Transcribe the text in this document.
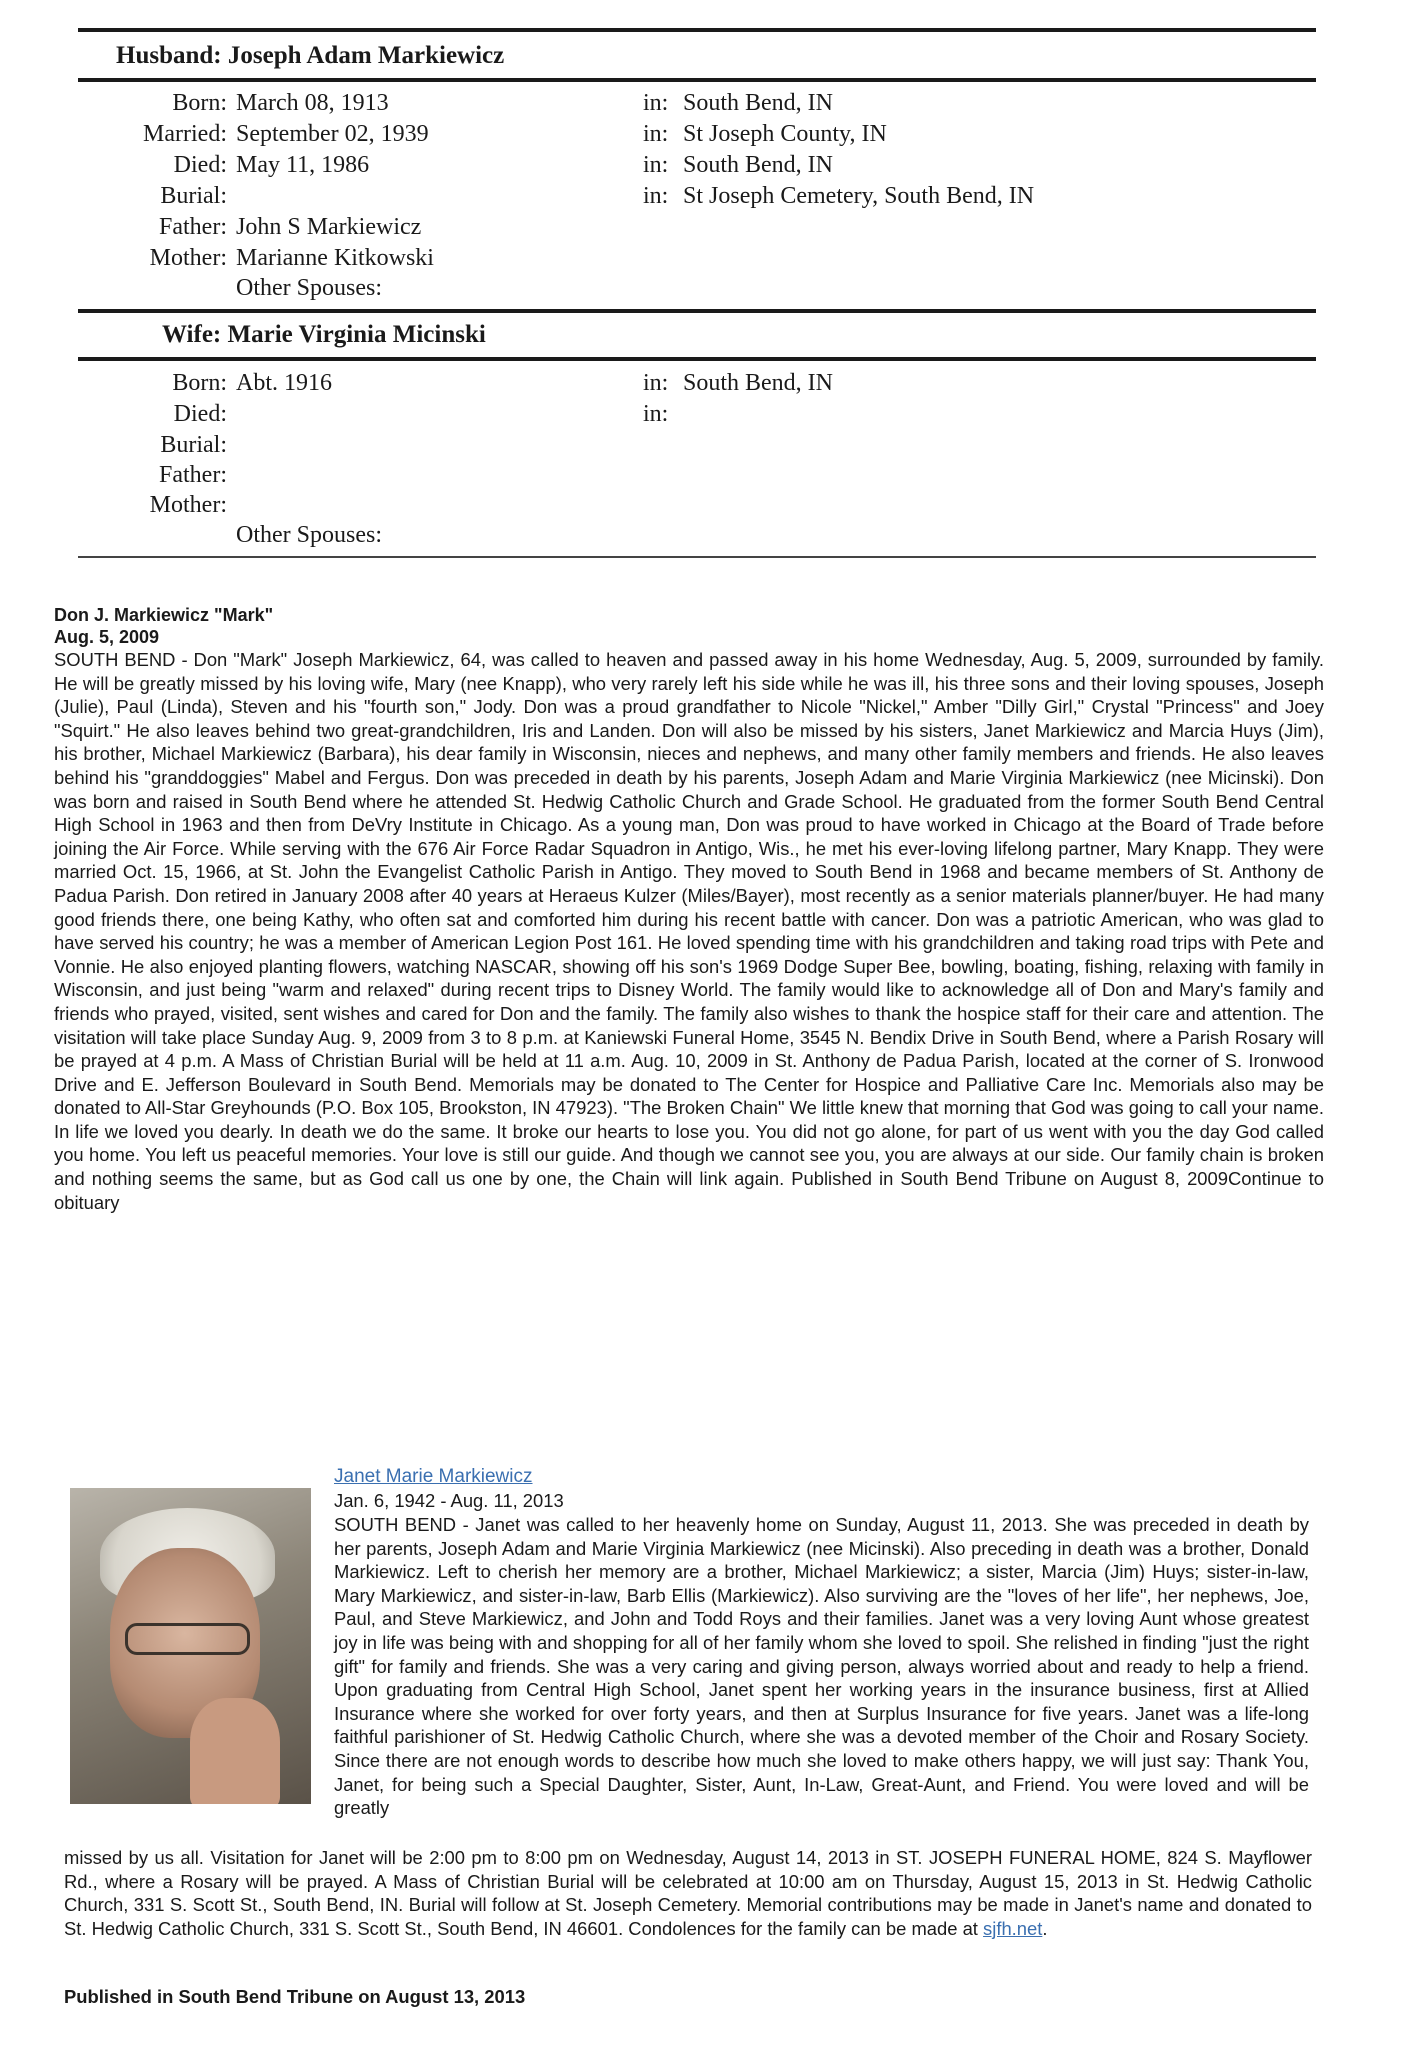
Husband: Joseph Adam Markiewicz
Born: March 08, 1913	in: South Bend, IN
Married: September 02, 1939	in: St Joseph County, IN
Died: May 11, 1986	in: South Bend, IN
Burial:	in: St Joseph Cemetery, South Bend, IN
Father: John S Markiewicz
Mother: Marianne Kitkowski
Other Spouses:
Wife: Marie Virginia Micinski
Born: Abt. 1916	in: South Bend, IN
Died:	in:
Burial:
Father:
Mother:
Other Spouses:
Don J. Markiewicz "Mark"
Aug. 5, 2009
SOUTH BEND - Don "Mark" Joseph Markiewicz, 64, was called to heaven and passed away in his home Wednesday, Aug. 5, 2009, surrounded by family. He will be greatly missed by his loving wife, Mary (nee Knapp), who very rarely left his side while he was ill, his three sons and their loving spouses, Joseph (Julie), Paul (Linda), Steven and his "fourth son," Jody. Don was a proud grandfather to Nicole "Nickel," Amber "Dilly Girl," Crystal "Princess" and Joey "Squirt." He also leaves behind two great-grandchildren, Iris and Landen. Don will also be missed by his sisters, Janet Markiewicz and Marcia Huys (Jim), his brother, Michael Markiewicz (Barbara), his dear family in Wisconsin, nieces and nephews, and many other family members and friends. He also leaves behind his "granddoggies" Mabel and Fergus. Don was preceded in death by his parents, Joseph Adam and Marie Virginia Markiewicz (nee Micinski). Don was born and raised in South Bend where he attended St. Hedwig Catholic Church and Grade School. He graduated from the former South Bend Central High School in 1963 and then from DeVry Institute in Chicago. As a young man, Don was proud to have worked in Chicago at the Board of Trade before joining the Air Force. While serving with the 676 Air Force Radar Squadron in Antigo, Wis., he met his ever-loving lifelong partner, Mary Knapp. They were married Oct. 15, 1966, at St. John the Evangelist Catholic Parish in Antigo. They moved to South Bend in 1968 and became members of St. Anthony de Padua Parish. Don retired in January 2008 after 40 years at Heraeus Kulzer (Miles/Bayer), most recently as a senior materials planner/buyer. He had many good friends there, one being Kathy, who often sat and comforted him during his recent battle with cancer. Don was a patriotic American, who was glad to have served his country; he was a member of American Legion Post 161. He loved spending time with his grandchildren and taking road trips with Pete and Vonnie. He also enjoyed planting flowers, watching NASCAR, showing off his son's 1969 Dodge Super Bee, bowling, boating, fishing, relaxing with family in Wisconsin, and just being "warm and relaxed" during recent trips to Disney World. The family would like to acknowledge all of Don and Mary's family and friends who prayed, visited, sent wishes and cared for Don and the family. The family also wishes to thank the hospice staff for their care and attention. The visitation will take place Sunday Aug. 9, 2009 from 3 to 8 p.m. at Kaniewski Funeral Home, 3545 N. Bendix Drive in South Bend, where a Parish Rosary will be prayed at 4 p.m. A Mass of Christian Burial will be held at 11 a.m. Aug. 10, 2009 in St. Anthony de Padua Parish, located at the corner of S. Ironwood Drive and E. Jefferson Boulevard in South Bend. Memorials may be donated to The Center for Hospice and Palliative Care Inc. Memorials also may be donated to All-Star Greyhounds (P.O. Box 105, Brookston, IN 47923). "The Broken Chain" We little knew that morning that God was going to call your name. In life we loved you dearly. In death we do the same. It broke our hearts to lose you. You did not go alone, for part of us went with you the day God called you home. You left us peaceful memories. Your love is still our guide. And though we cannot see you, you are always at our side. Our family chain is broken and nothing seems the same, but as God call us one by one, the Chain will link again. Published in South Bend Tribune on August 8, 2009Continue to obituary
Janet Marie Markiewicz
Jan. 6, 1942 - Aug. 11, 2013
SOUTH BEND - Janet was called to her heavenly home on Sunday, August 11, 2013. She was preceded in death by her parents, Joseph Adam and Marie Virginia Markiewicz (nee Micinski). Also preceding in death was a brother, Donald Markiewicz. Left to cherish her memory are a brother, Michael Markiewicz; a sister, Marcia (Jim) Huys; sister-in-law, Mary Markiewicz, and sister-in-law, Barb Ellis (Markiewicz). Also surviving are the "loves of her life", her nephews, Joe, Paul, and Steve Markiewicz, and John and Todd Roys and their families. Janet was a very loving Aunt whose greatest joy in life was being with and shopping for all of her family whom she loved to spoil. She relished in finding "just the right gift" for family and friends. She was a very caring and giving person, always worried about and ready to help a friend. Upon graduating from Central High School, Janet spent her working years in the insurance business, first at Allied Insurance where she worked for over forty years, and then at Surplus Insurance for five years. Janet was a life-long faithful parishioner of St. Hedwig Catholic Church, where she was a devoted member of the Choir and Rosary Society. Since there are not enough words to describe how much she loved to make others happy, we will just say: Thank You, Janet, for being such a Special Daughter, Sister, Aunt, In-Law, Great-Aunt, and Friend. You were loved and will be greatly
missed by us all. Visitation for Janet will be 2:00 pm to 8:00 pm on Wednesday, August 14, 2013 in ST. JOSEPH FUNERAL HOME, 824 S. Mayflower Rd., where a Rosary will be prayed. A Mass of Christian Burial will be celebrated at 10:00 am on Thursday, August 15, 2013 in St. Hedwig Catholic Church, 331 S. Scott St., South Bend, IN. Burial will follow at St. Joseph Cemetery. Memorial contributions may be made in Janet's name and donated to St. Hedwig Catholic Church, 331 S. Scott St., South Bend, IN 46601. Condolences for the family can be made at sjfh.net.
Published in South Bend Tribune on August 13, 2013
